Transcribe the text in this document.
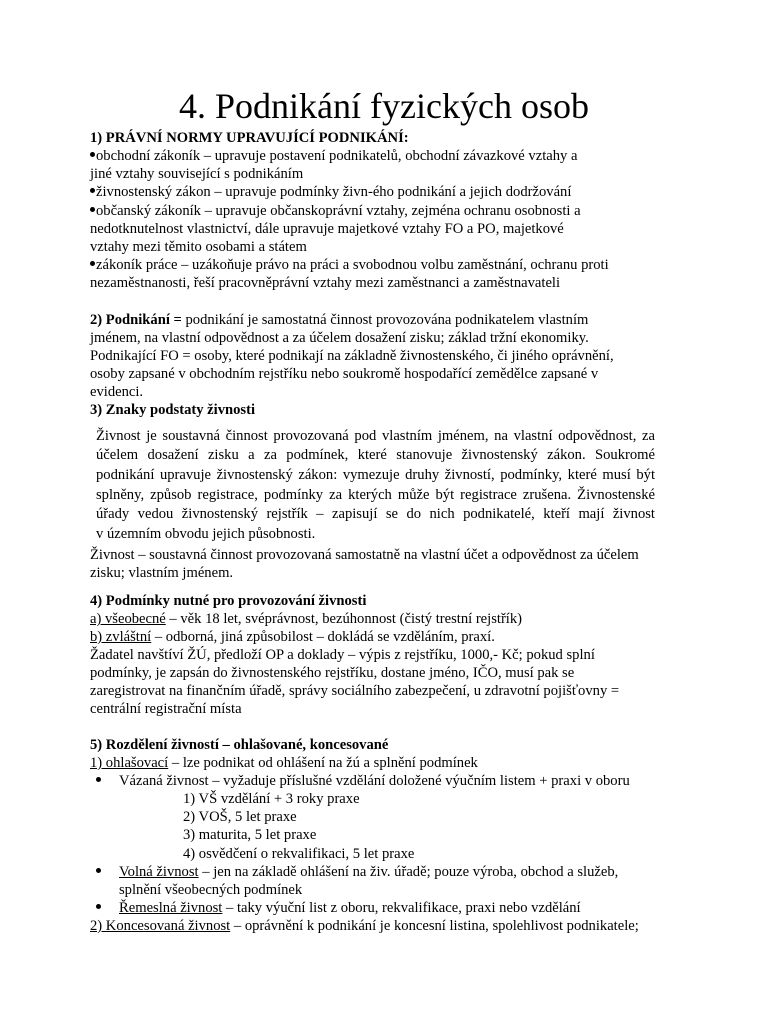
4. Podnikání fyzických osob
1) PRÁVNÍ NORMY UPRAVUJÍCÍ PODNIKÁNÍ:
obchodní zákoník – upravuje postavení podnikatelů, obchodní závazkové vztahy a
jiné vztahy související s podnikáním
živnostenský zákon – upravuje podmínky živn-ého podnikání a jejich dodržování
občanský zákoník – upravuje občanskoprávní vztahy, zejména ochranu osobnosti a
nedotknutelnost vlastnictví, dále upravuje majetkové vztahy FO a PO, majetkové
vztahy mezi těmito osobami a státem
zákoník práce – uzákoňuje právo na práci a svobodnou volbu zaměstnání, ochranu proti
nezaměstnanosti, řeší pracovněprávní vztahy mezi zaměstnanci a zaměstnavateli
2) Podnikání = podnikání je samostatná činnost provozována podnikatelem vlastním
jménem, na vlastní odpovědnost a za účelem dosažení zisku; základ tržní ekonomiky.
Podnikající FO = osoby, které podnikají na základně živnostenského, či jiného oprávnění,
osoby zapsané v obchodním rejstříku nebo soukromě hospodařící zemědělce zapsané v
evidenci.
3) Znaky podstaty živnosti
Živnost je soustavná činnost provozovaná pod vlastním jménem, na vlastní odpovědnost, za
účelem dosažení zisku a za podmínek, které stanovuje živnostenský zákon. Soukromé
podnikání upravuje živnostenský zákon: vymezuje druhy živností, podmínky, které musí být
splněny, způsob registrace, podmínky za kterých může být registrace zrušena. Živnostenské
úřady vedou živnostenský rejstřík – zapisují se do nich podnikatelé, kteří mají živnost
v územním obvodu jejich působnosti.
Živnost – soustavná činnost provozovaná samostatně na vlastní účet a odpovědnost za účelem
zisku; vlastním jménem.
4) Podmínky nutné pro provozování živnosti
a) všeobecné – věk 18 let, svéprávnost, bezúhonnost (čistý trestní rejstřík)
b) zvláštní – odborná, jiná způsobilost – dokládá se vzděláním, praxí.
Žadatel navštíví ŽÚ, předloží OP a doklady – výpis z rejstříku, 1000,- Kč; pokud splní
podmínky, je zapsán do živnostenského rejstříku, dostane jméno, IČO, musí pak se
zaregistrovat na finančním úřadě, správy sociálního zabezpečení, u zdravotní pojišťovny =
centrální registrační místa
5) Rozdělení živností – ohlašované, koncesované
1) ohlašovací – lze podnikat od ohlášení na žú a splnění podmínek
Vázaná živnost – vyžaduje příslušné vzdělání doložené výučním listem + praxi v oboru
1) VŠ vzdělání + 3 roky praxe
2) VOŠ, 5 let praxe
3) maturita, 5 let praxe
4) osvědčení o rekvalifikaci, 5 let praxe
Volná živnost – jen na základě ohlášení na živ. úřadě; pouze výroba, obchod a služeb,
splnění všeobecných podmínek
Řemeslná živnost – taky výuční list z oboru, rekvalifikace, praxi nebo vzdělání
2) Koncesovaná živnost – oprávnění k podnikání je koncesní listina, spolehlivost podnikatele;
